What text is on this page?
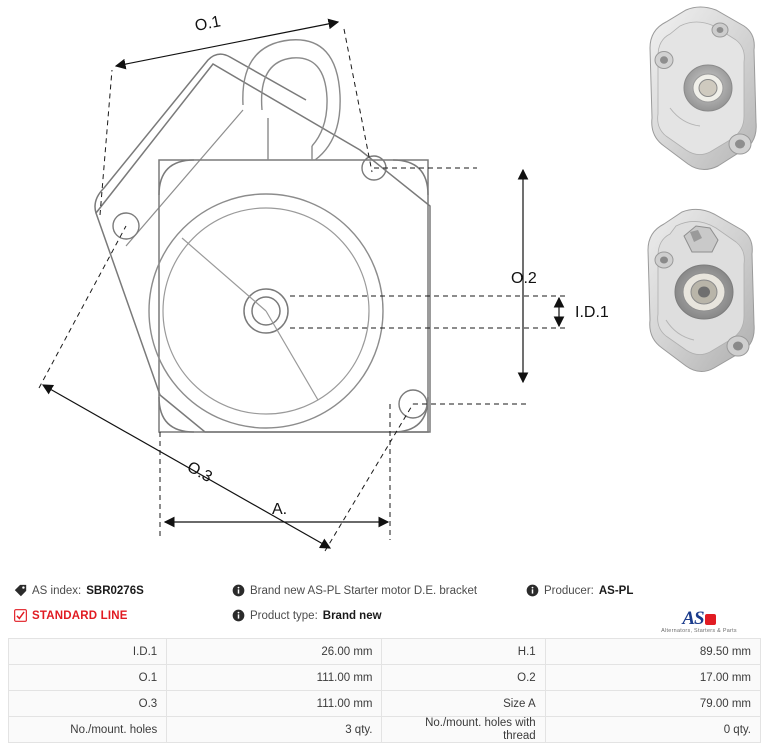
O.1
O.2
O.3
I.D.1
A.
AS index: SBR0276S	Brand new AS-PL Starter motor D.E. bracket	Producer: AS-PL
STANDARD LINE	Product type: Brand new	AS
Alternators, Starters & Parts
I.D.1	26.00 mm	H.1	89.50 mm
O.1	111.00 mm	O.2	17.00 mm
O.3	111.00 mm	Size A	79.00 mm
No./mount. holes	3 qty.	No./mount. holes with thread	0 qty.
